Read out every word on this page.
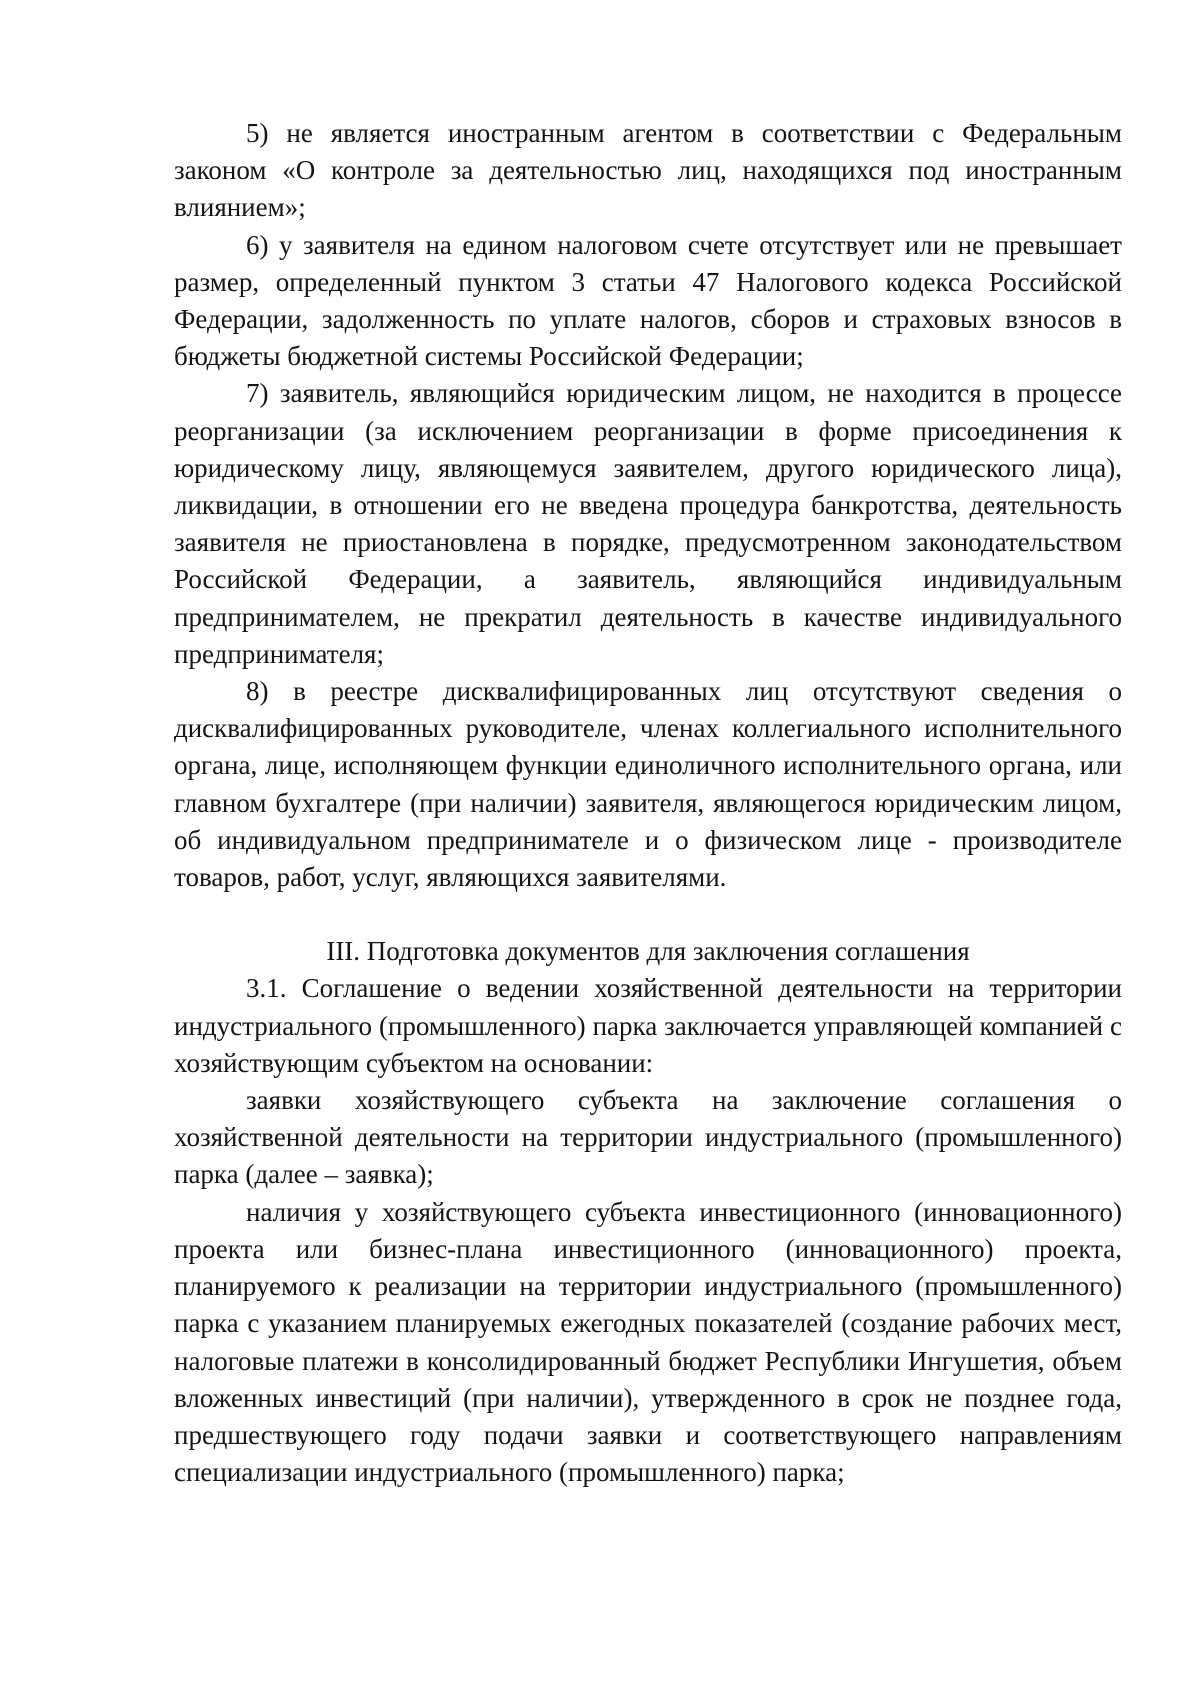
5) не является иностранным агентом в соответствии с Федеральным законом «О контроле за деятельностью лиц, находящихся под иностранным влиянием»;

6) у заявителя на едином налоговом счете отсутствует или не превышает размер, определенный пунктом 3 статьи 47 Налогового кодекса Российской Федерации, задолженность по уплате налогов, сборов и страховых взносов в бюджеты бюджетной системы Российской Федерации;

7) заявитель, являющийся юридическим лицом, не находится в процессе реорганизации (за исключением реорганизации в форме присоединения к юридическому лицу, являющемуся заявителем, другого юридического лица), ликвидации, в отношении его не введена процедура банкротства, деятельность заявителя не приостановлена в порядке, предусмотренном законодательством Российской Федерации, а заявитель, являющийся индивидуальным предпринимателем, не прекратил деятельность в качестве индивидуального предпринимателя;

8) в реестре дисквалифицированных лиц отсутствуют сведения о дисквалифицированных руководителе, членах коллегиального исполнительного органа, лице, исполняющем функции единоличного исполнительного органа, или главном бухгалтере (при наличии) заявителя, являющегося юридическим лицом, об индивидуальном предпринимателе и о физическом лице - производителе товаров, работ, услуг, являющихся заявителями.

III. Подготовка документов для заключения соглашения

3.1. Соглашение о ведении хозяйственной деятельности на территории индустриального (промышленного) парка заключается управляющей компанией с хозяйствующим субъектом на основании:

заявки хозяйствующего субъекта на заключение соглашения о хозяйственной деятельности на территории индустриального (промышленного) парка (далее – заявка);

наличия у хозяйствующего субъекта инвестиционного (инновационного) проекта или бизнес-плана инвестиционного (инновационного) проекта, планируемого к реализации на территории индустриального (промышленного) парка с указанием планируемых ежегодных показателей (создание рабочих мест, налоговые платежи в консолидированный бюджет Республики Ингушетия, объем вложенных инвестиций (при наличии), утвержденного в срок не позднее года, предшествующего году подачи заявки и соответствующего направлениям специализации индустриального (промышленного) парка;
